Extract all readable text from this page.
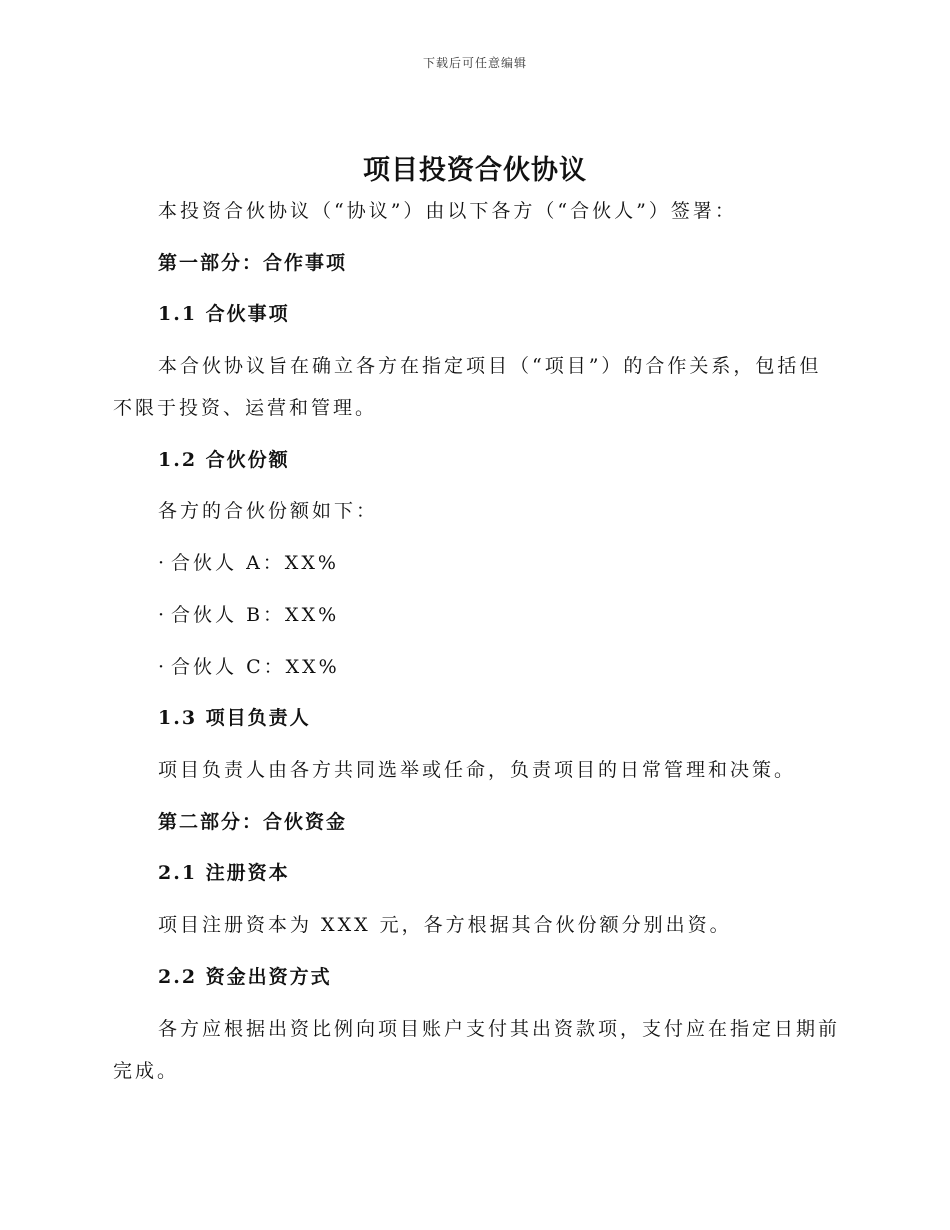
下载后可任意编辑
项目投资合伙协议
本投资合伙协议（“协议”）由以下各方（“合伙人”）签署：
第一部分：合作事项
1.1 合伙事项
本合伙协议旨在确立各方在指定项目（“项目”）的合作关系，包括但
不限于投资、运营和管理。
1.2 合伙份额
各方的合伙份额如下：
· 合伙人 A：XX%
· 合伙人 B：XX%
· 合伙人 C：XX%
1.3 项目负责人
项目负责人由各方共同选举或任命，负责项目的日常管理和决策。
第二部分：合伙资金
2.1 注册资本
项目注册资本为 XXX 元，各方根据其合伙份额分别出资。
2.2 资金出资方式
各方应根据出资比例向项目账户支付其出资款项，支付应在指定日期前
完成。
